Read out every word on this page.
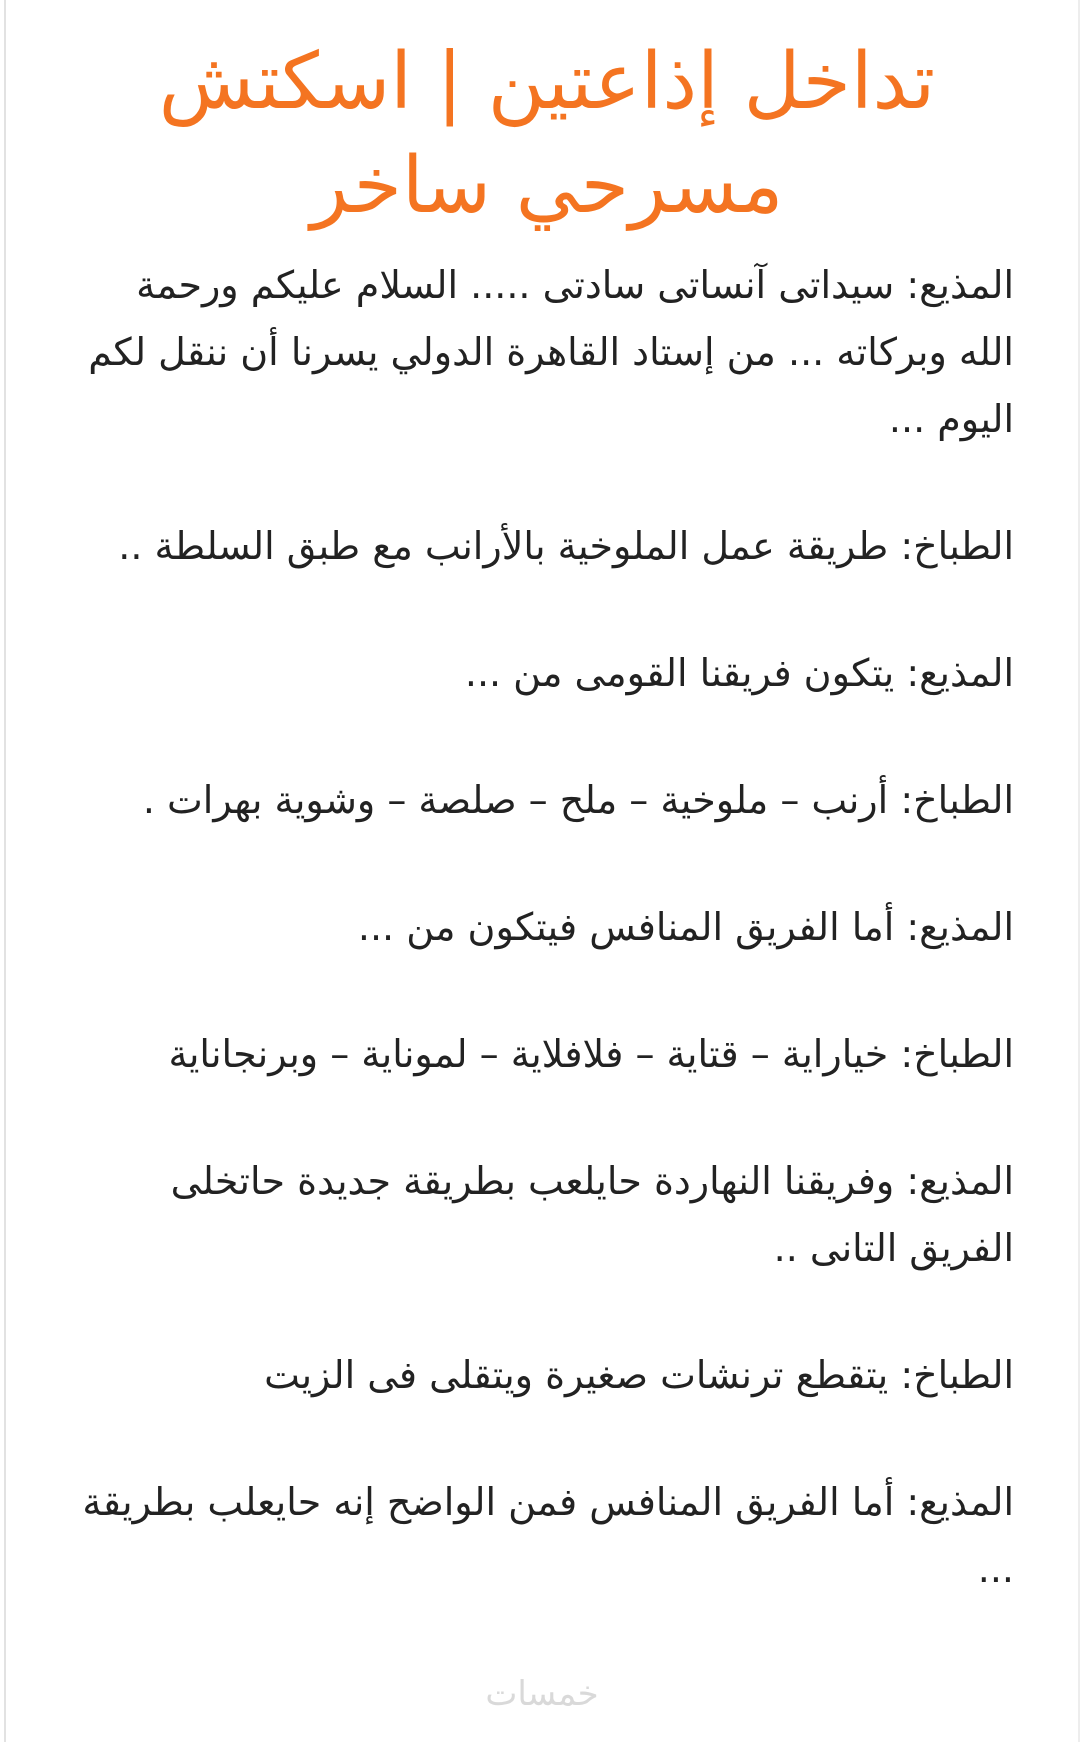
تداخل إذاعتين | اسكتش مسرحي ساخر

المذيع: سيداتى آنساتى سادتى ..... السلام عليكم ورحمة الله وبركاته ... من إستاد القاهرة الدولي يسرنا أن ننقل لكم اليوم ...

الطباخ: طريقة عمل الملوخية بالأرانب مع طبق السلطة ..

المذيع: يتكون فريقنا القومى من ...

الطباخ: أرنب – ملوخية – ملح – صلصة – وشوية بهرات .

المذيع: أما الفريق المنافس فيتكون من ...

الطباخ: خياراية – قتاية – فلافلاية – لموناية – وبرنجاناية

المذيع: وفريقنا النهاردة حايلعب بطريقة جديدة حاتخلى الفريق التانى ..

الطباخ: يتقطع ترنشات صغيرة ويتقلى فى الزيت

المذيع: أما الفريق المنافس فمن الواضح إنه حايعلب بطريقة ...

خمسات
